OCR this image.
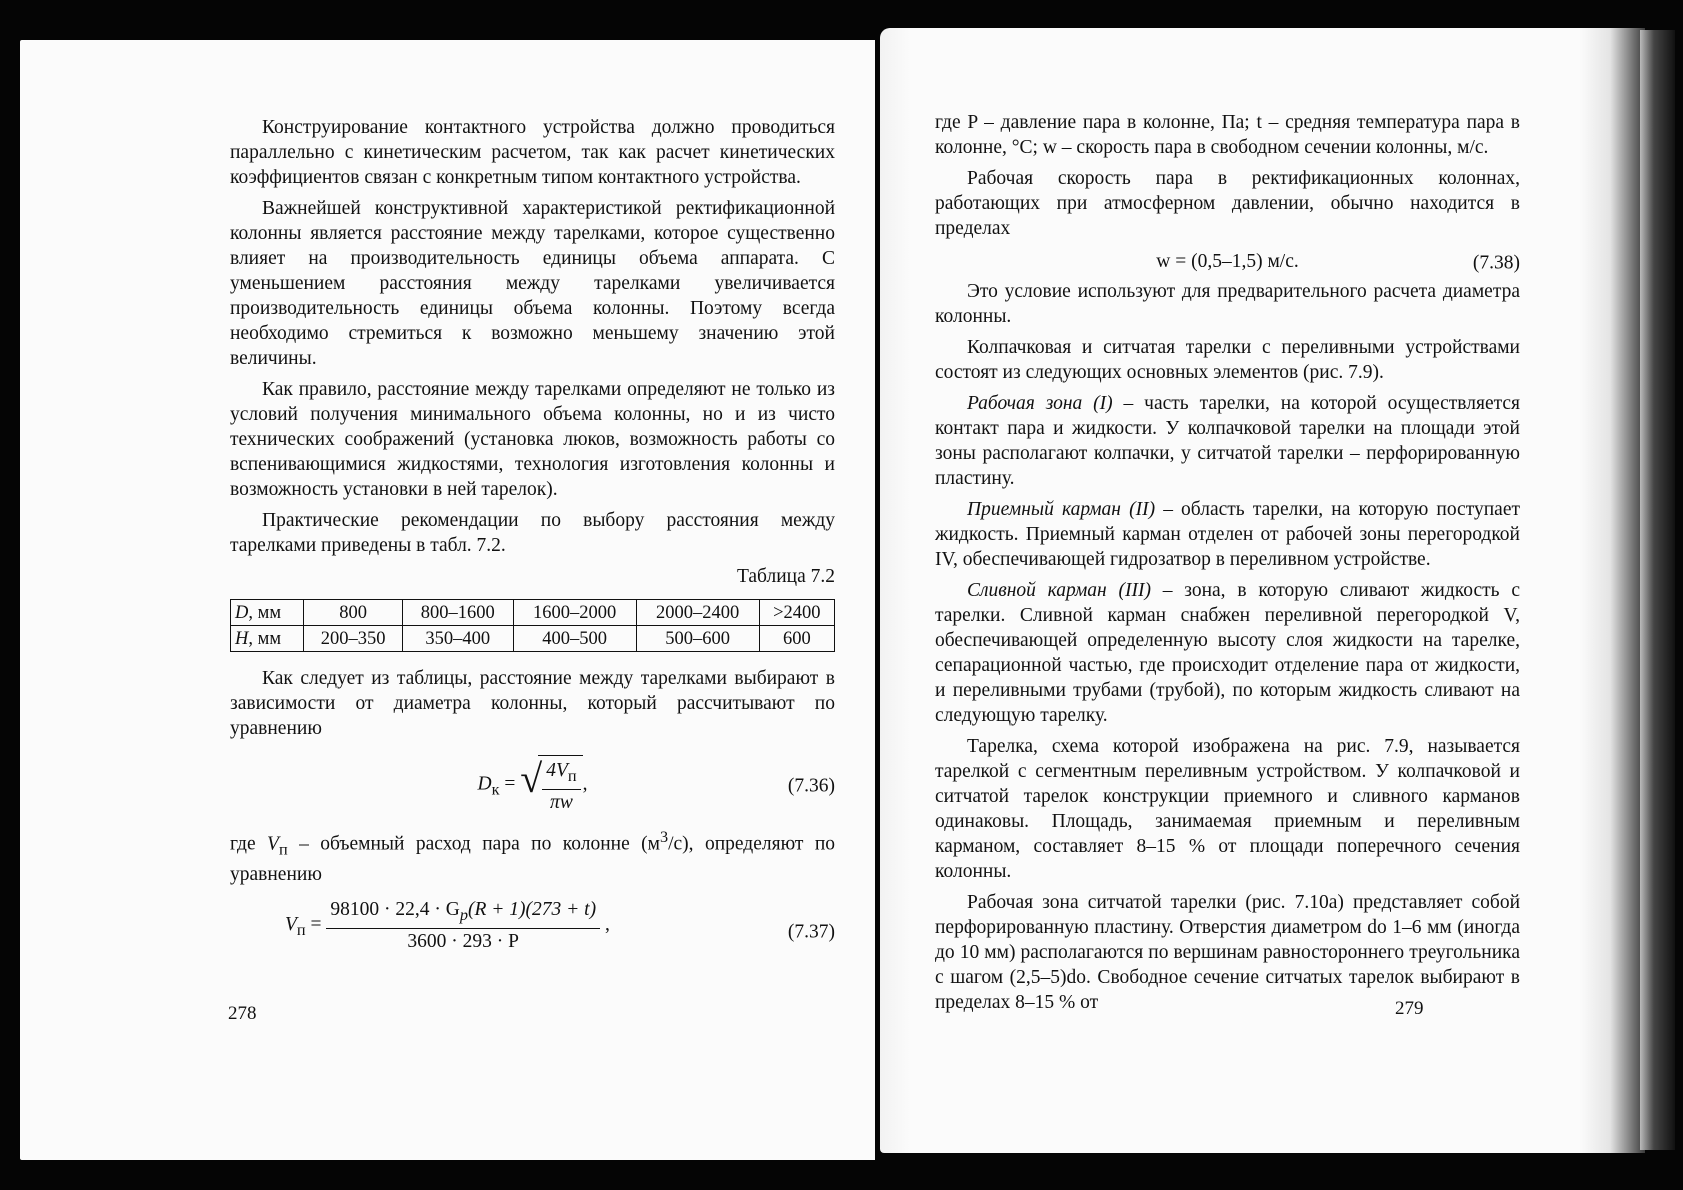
Конструирование контактного устройства должно проводиться параллельно с кинетическим расчетом, так как расчет кинетических коэффициентов связан с конкретным типом контактного устройства.

Важнейшей конструктивной характеристикой ректификационной колонны является расстояние между тарелками, которое существенно влияет на производительность единицы объема аппарата. С уменьшением расстояния между тарелками увеличивается производительность единицы объема колонны. Поэтому всегда необходимо стремиться к возможно меньшему значению этой величины.

Как правило, расстояние между тарелками определяют не только из условий получения минимального объема колонны, но и из чисто технических соображений (установка люков, возможность работы со вспенивающимися жидкостями, технология изготовления колонны и возможность установки в ней тарелок).

Практические рекомендации по выбору расстояния между тарелками приведены в табл. 7.2.

Таблица 7.2
D, мм	800	800–1600	1600–2000	2000–2400	>2400
H, мм	200–350	350–400	400–500	500–600	600

Как следует из таблицы, расстояние между тарелками выбирают в зависимости от диаметра колонны, который рассчитывают по уравнению

$D_к$ = √ $\frac{4V_п}{\pi w}$ ,	(7.36)

где $V_п$ – объемный расход пара по колонне $(м^3/с)$, определяют по уравнению

$V_п = \frac{98100 \cdot 22,4 \cdot G_p(R + 1)(273 + t)}{3600 \cdot 293 \cdot P}$ ,	(7.37)
278

где P – давление пара в колонне, Па; t – средняя температура пара в колонне, °С; w – скорость пара в свободном сечении колонны, м/с.

Рабочая скорость пара в ректификационных колоннах, работающих при атмосферном давлении, обычно находится в пределах

w = (0,5–1,5) м/с.	(7.38)

Это условие используют для предварительного расчета диаметра колонны.

Колпачковая и ситчатая тарелки с переливными устройствами состоят из следующих основных элементов (рис. 7.9).

Рабочая зона (I) – часть тарелки, на которой осуществляется контакт пара и жидкости. У колпачковой тарелки на площади этой зоны располагают колпачки, у ситчатой тарелки – перфорированную пластину.

Приемный карман (II) – область тарелки, на которую поступает жидкость. Приемный карман отделен от рабочей зоны перегородкой IV, обеспечивающей гидрозатвор в переливном устройстве.

Сливной карман (III) – зона, в которую сливают жидкость с тарелки. Сливной карман снабжен переливной перегородкой V, обеспечивающей определенную высоту слоя жидкости на тарелке, сепарационной частью, где происходит отделение пара от жидкости, и переливными трубами (трубой), по которым жидкость сливают на следующую тарелку.

Тарелка, схема которой изображена на рис. 7.9, называется тарелкой с сегментным переливным устройством. У колпачковой и ситчатой тарелок конструкции приемного и сливного карманов одинаковы. Площадь, занимаемая приемным и переливным карманом, составляет 8–15 % от площади поперечного сечения колонны.

Рабочая зона ситчатой тарелки (рис. 7.10а) представляет собой перфорированную пластину. Отверстия диаметром dо 1–6 мм (иногда до 10 мм) располагаются по вершинам равностороннего треугольника с шагом (2,5–5)dо. Свободное сечение ситчатых тарелок выбирают в пределах 8–15 % от	279
